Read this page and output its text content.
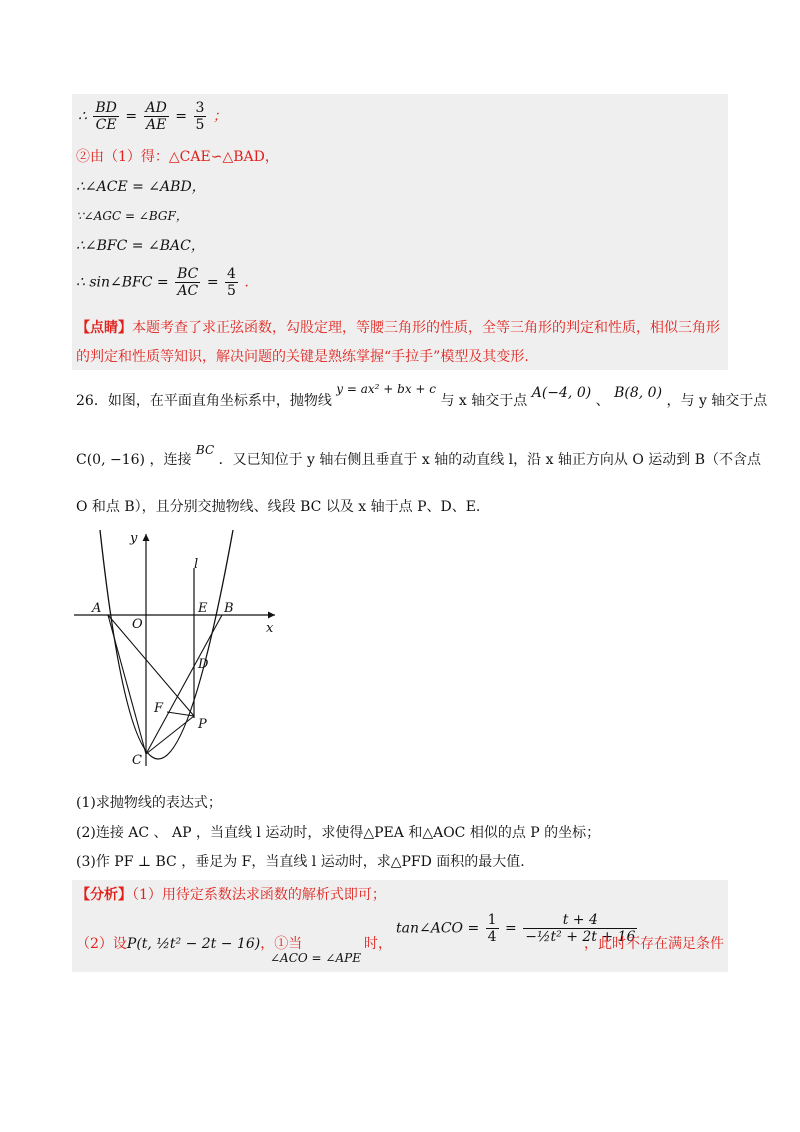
∴ $\frac{BD}{CE} = \frac{AD}{AE} = \frac{3}{5}$ ；
②由（1）得：△CAE∽△BAD，
∴∠ACE = ∠ABD，
∵∠AGC = ∠BGF，
∴∠BFC = ∠BAC，
∴ sin∠BFC = $\frac{BC}{AC} = \frac{4}{5}$ .
【点睛】本题考查了求正弦函数，勾股定理，等腰三角形的性质，全等三角形的判定和性质，相似三角形
的判定和性质等知识，解决问题的关键是熟练掌握“手拉手”模型及其变形.
26．如图，在平面直角坐标系中，抛物线 y = ax² + bx + c 与 x 轴交于点 A(−4, 0) 、 B(8, 0) ，与 y 轴交于点
C(0, −16) ，连接 BC ．又已知位于 y 轴右侧且垂直于 x 轴的动直线 l，沿 x 轴正方向从 O 运动到 B（不含点
O 和点 B），且分别交抛物线、线段 BC 以及 x 轴于点 P、D、E.
y
x
l
A
O
E B
D
F
P
C
(1)求抛物线的表达式；
(2)连接 AC 、 AP ，当直线 l 运动时，求使得△PEA 和△AOC 相似的点 P 的坐标；
(3)作 PF ⊥ BC ，垂足为 F，当直线 l 运动时，求△PFD 面积的最大值.
【分析】（1）用待定系数法求函数的解析式即可；
（2）设P(t, ½t² − 2t − 16)，①当
∠ACO = ∠APE
时，
tan∠ACO = $\frac{1}{4} = \frac{t + 4}{\text{−½t² + 2t + 16}}$
，此时不存在满足条件
